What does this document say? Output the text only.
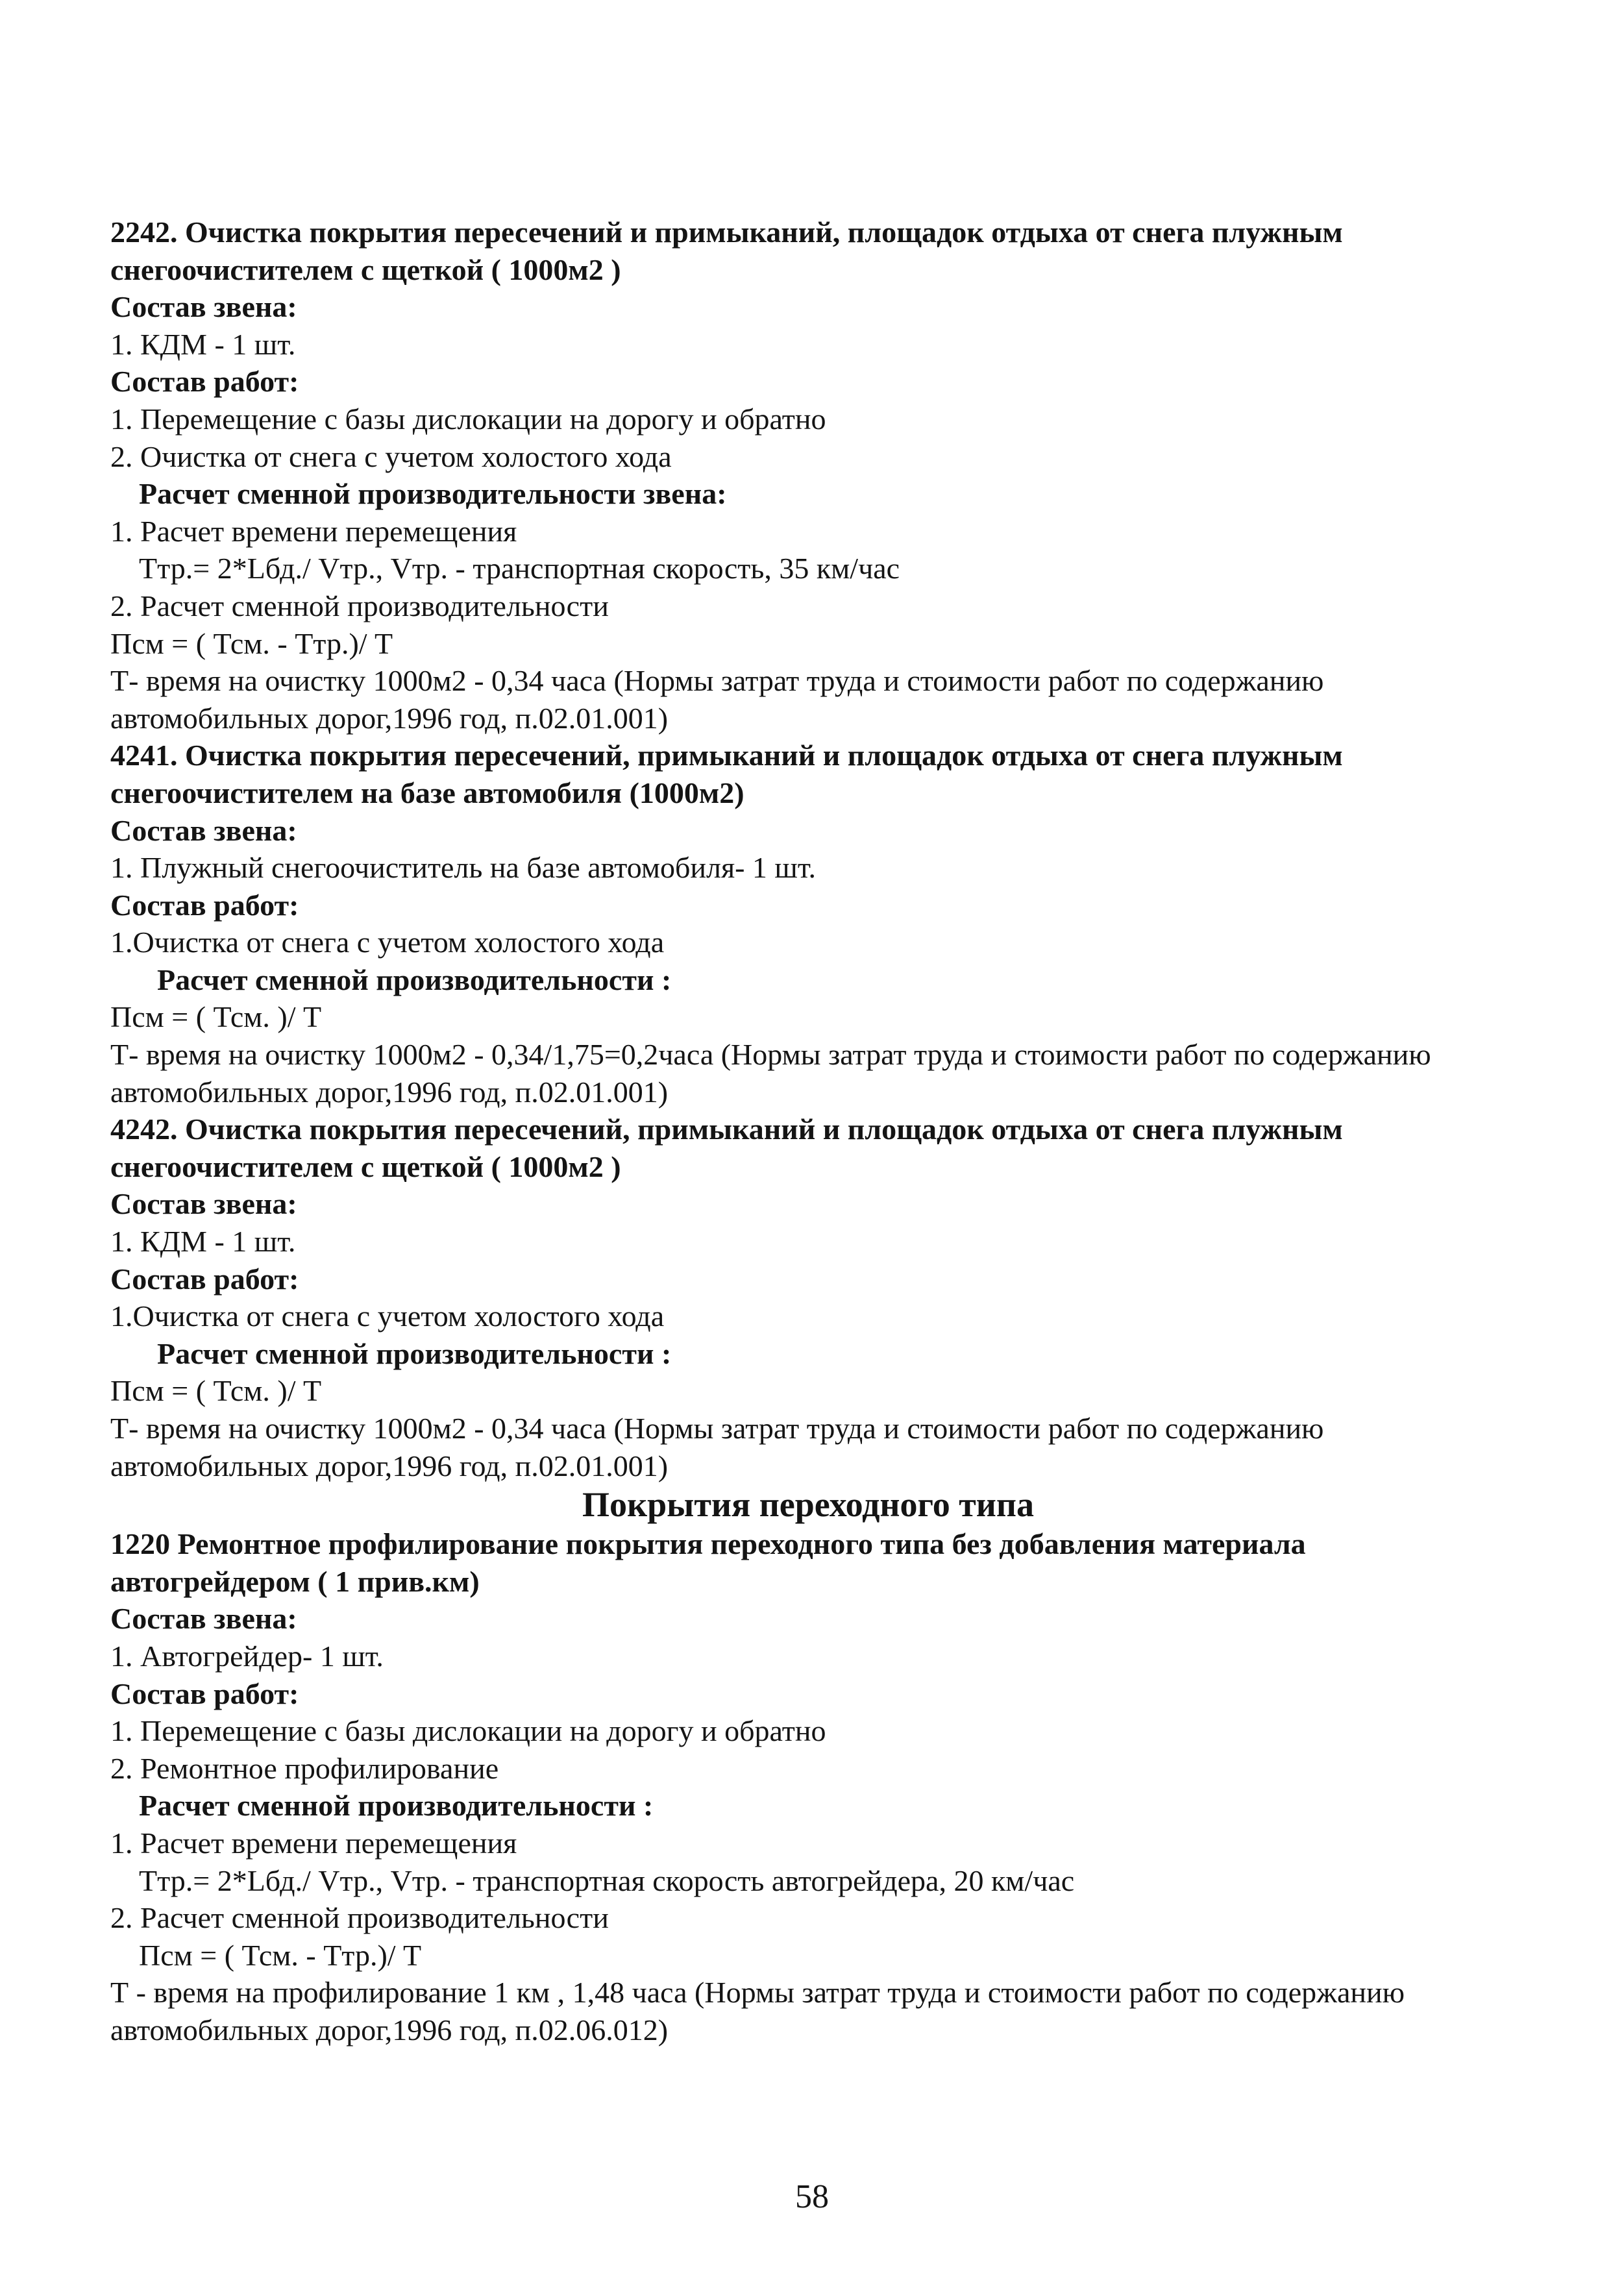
2242. Очистка покрытия пересечений и примыканий, площадок отдыха от снега плужным снегоочистителем с щеткой ( 1000м2 )
Состав звена:
1. КДМ - 1 шт.
Состав работ:
1. Перемещение с базы дислокации на дорогу и обратно
2. Очистка от снега с учетом холостого хода
Расчет сменной производительности звена:
1. Расчет времени перемещения
Ттр.= 2*Lбд./ Vтр., Vтр. - транспортная скорость, 35 км/час
2. Расчет сменной производительности
Псм = ( Тсм. - Ттр.)/ Т
Т- время на очистку 1000м2 - 0,34 часа (Нормы затрат труда и стоимости работ по содержанию автомобильных дорог,1996 год, п.02.01.001)
4241. Очистка покрытия пересечений, примыканий и площадок отдыха от снега плужным снегоочистителем на базе автомобиля (1000м2)
Состав звена:
1. Плужный снегоочиститель на базе автомобиля- 1 шт.
Состав работ:
1.Очистка от снега с учетом холостого хода
Расчет сменной производительности :
Псм = ( Тсм. )/ Т
Т- время на очистку 1000м2 - 0,34/1,75=0,2часа (Нормы затрат труда и стоимости работ по содержанию автомобильных дорог,1996 год, п.02.01.001)
4242. Очистка покрытия пересечений, примыканий и площадок отдыха от снега плужным снегоочистителем с щеткой ( 1000м2 )
Состав звена:
1. КДМ - 1 шт.
Состав работ:
1.Очистка от снега с учетом холостого хода
Расчет сменной производительности :
Псм = ( Тсм. )/ Т
Т- время на очистку 1000м2 - 0,34 часа (Нормы затрат труда и стоимости работ по содержанию автомобильных дорог,1996 год, п.02.01.001)
Покрытия переходного типа
1220 Ремонтное профилирование покрытия переходного типа без добавления материала автогрейдером ( 1 прив.км)
Состав звена:
1. Автогрейдер- 1 шт.
Состав работ:
1. Перемещение с базы дислокации на дорогу и обратно
2. Ремонтное профилирование
Расчет сменной производительности :
1. Расчет времени перемещения
Ттр.= 2*Lбд./ Vтр., Vтр. - транспортная скорость автогрейдера, 20 км/час
2. Расчет сменной производительности
Псм = ( Тсм. - Ттр.)/ Т
Т - время на профилирование 1 км , 1,48 часа (Нормы затрат труда и стоимости работ по содержанию автомобильных дорог,1996 год, п.02.06.012)
58
